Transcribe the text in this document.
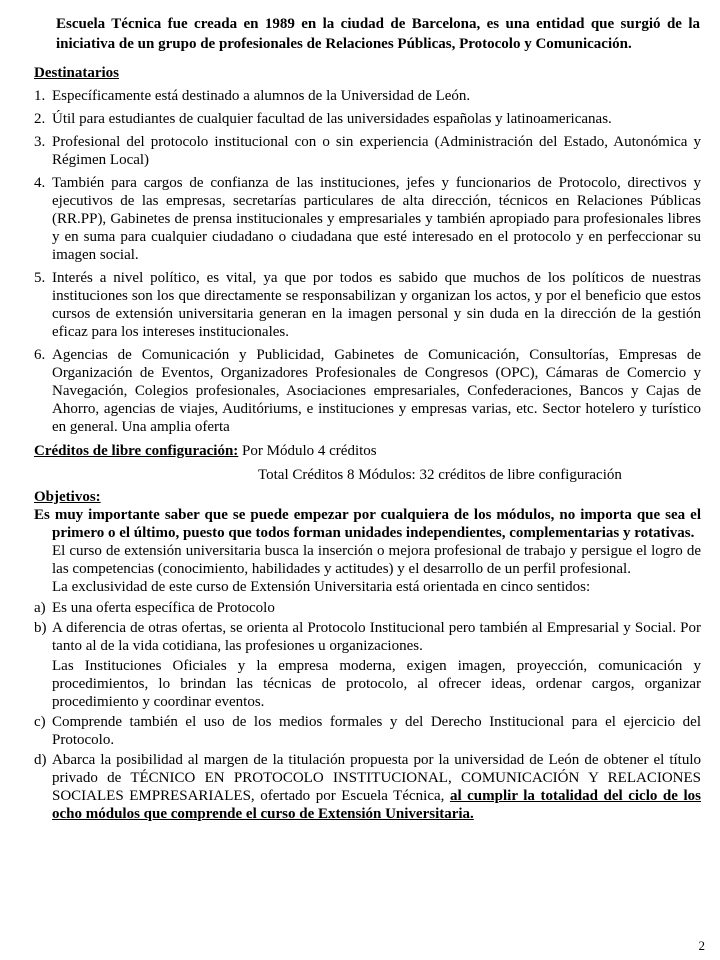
Escuela Técnica fue creada en 1989 en la ciudad de Barcelona, es una entidad que surgió de la iniciativa de un grupo de profesionales de Relaciones Públicas, Protocolo y Comunicación.
Destinatarios
1. Específicamente está destinado a alumnos de la Universidad de León.
2. Útil para estudiantes de cualquier facultad de las universidades españolas y latinoamericanas.
3. Profesional del protocolo institucional con o sin experiencia (Administración del Estado, Autonómica y Régimen Local)
4. También para cargos de confianza de las instituciones, jefes y funcionarios de Protocolo, directivos y ejecutivos de las empresas, secretarías particulares de alta dirección, técnicos en Relaciones Públicas (RR.PP), Gabinetes de prensa institucionales y empresariales y también apropiado para profesionales libres y en suma para cualquier ciudadano o ciudadana que esté interesado en el protocolo y en perfeccionar su imagen social.
5. Interés a nivel político, es vital, ya que por todos es sabido que muchos de los políticos de nuestras instituciones son los que directamente se responsabilizan y organizan los actos, y por el beneficio que estos cursos de extensión universitaria generan en la imagen personal y sin duda en la dirección de la gestión eficaz para los intereses institucionales.
6. Agencias de Comunicación y Publicidad, Gabinetes de Comunicación, Consultorías, Empresas de Organización de Eventos, Organizadores Profesionales de Congresos (OPC), Cámaras de Comercio y Navegación, Colegios profesionales, Asociaciones empresariales, Confederaciones, Bancos y Cajas de Ahorro, agencias de viajes, Auditóriums, e instituciones y empresas varias, etc. Sector hotelero y turístico en general. Una amplia oferta
Créditos de libre configuración: Por Módulo 4 créditos
Total Créditos 8 Módulos: 32 créditos de libre configuración
Objetivos:
Es muy importante saber que se puede empezar por cualquiera de los módulos, no importa que sea el primero o el último, puesto que todos forman unidades independientes, complementarias y rotativas.
El curso de extensión universitaria busca la inserción o mejora profesional de trabajo y persigue el logro de las competencias (conocimiento, habilidades y actitudes) y el desarrollo de un perfil profesional.
La exclusividad de este curso de Extensión Universitaria está orientada en cinco sentidos:
a) Es una oferta específica de Protocolo
b) A diferencia de otras ofertas, se orienta al Protocolo Institucional pero también al Empresarial y Social. Por tanto al de la vida cotidiana, las profesiones u organizaciones.
Las Instituciones Oficiales y la empresa moderna, exigen imagen, proyección, comunicación y procedimientos, lo brindan las técnicas de protocolo, al ofrecer ideas, ordenar cargos, organizar procedimiento y coordinar eventos.
c) Comprende también el uso de los medios formales y del Derecho Institucional para el ejercicio del Protocolo.
d) Abarca la posibilidad al margen de la titulación propuesta por la universidad de León de obtener el título privado de TÉCNICO EN PROTOCOLO INSTITUCIONAL, COMUNICACIÓN Y RELACIONES SOCIALES EMPRESARIALES, ofertado por Escuela Técnica, al cumplir la totalidad del ciclo de los ocho módulos que comprende el curso de Extensión Universitaria.
2
